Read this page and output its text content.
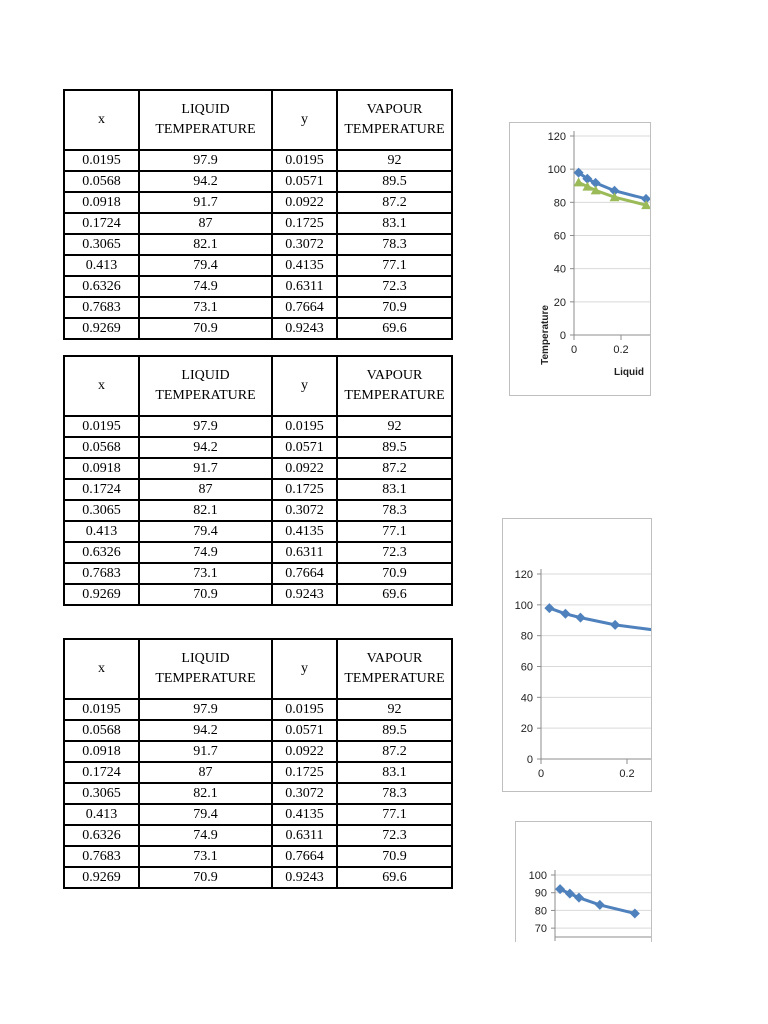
x	LIQUID TEMPERATURE	y	VAPOUR TEMPERATURE
0.0195	97.9	0.0195	92
0.0568	94.2	0.0571	89.5
0.0918	91.7	0.0922	87.2
0.1724	87	0.1725	83.1
0.3065	82.1	0.3072	78.3
0.413	79.4	0.4135	77.1
0.6326	74.9	0.6311	72.3
0.7683	73.1	0.7664	70.9
0.9269	70.9	0.9243	69.6
x	LIQUID TEMPERATURE	y	VAPOUR TEMPERATURE
0.0195	97.9	0.0195	92
0.0568	94.2	0.0571	89.5
0.0918	91.7	0.0922	87.2
0.1724	87	0.1725	83.1
0.3065	82.1	0.3072	78.3
0.413	79.4	0.4135	77.1
0.6326	74.9	0.6311	72.3
0.7683	73.1	0.7664	70.9
0.9269	70.9	0.9243	69.6
x	LIQUID TEMPERATURE	y	VAPOUR TEMPERATURE
0.0195	97.9	0.0195	92
0.0568	94.2	0.0571	89.5
0.0918	91.7	0.0922	87.2
0.1724	87	0.1725	83.1
0.3065	82.1	0.3072	78.3
0.413	79.4	0.4135	77.1
0.6326	74.9	0.6311	72.3
0.7683	73.1	0.7664	70.9
0.9269	70.9	0.9243	69.6
Temperature
Liquid
0
20
40
60
80
100
120
0	0.2
0
20
40
60
80
100
120
0	0.2
70
80
90
100
